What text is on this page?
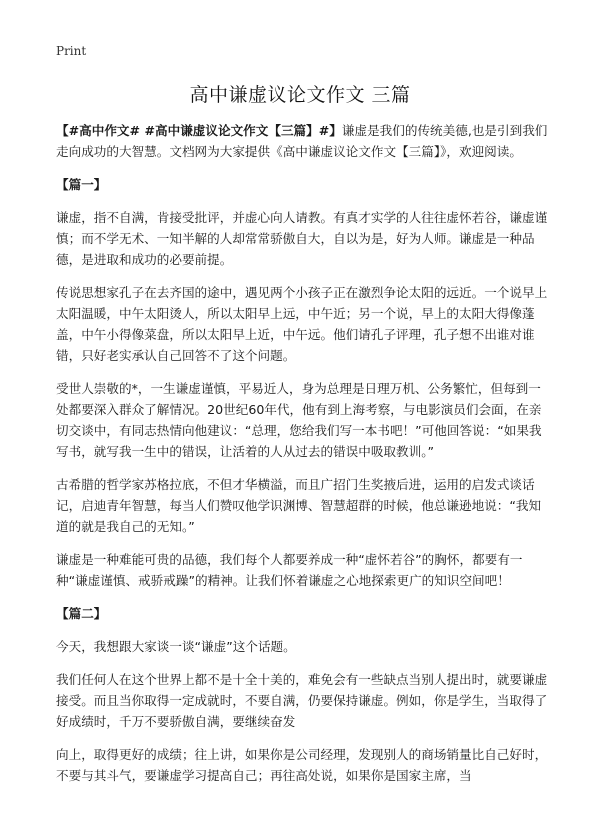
Print
高中谦虚议论文作文 三篇

【#高中作文# #高中谦虚议论文作文【三篇】#】谦虚是我们的传统美德,也是引到我们走向成功的大智慧。文档网为大家提供《高中谦虚议论文作文【三篇】》，欢迎阅读。

【篇一】

谦虚，指不自满，肯接受批评，并虚心向人请教。有真才实学的人往往虚怀若谷，谦虚谨慎；而不学无术、一知半解的人却常常骄傲自大，自以为是，好为人师。谦虚是一种品德，是进取和成功的必要前提。

传说思想家孔子在去齐国的途中，遇见两个小孩子正在激烈争论太阳的远近。一个说早上太阳温暖，中午太阳烫人，所以太阳早上远，中午近；另一个说，早上的太阳大得像蓬盖，中午小得像菜盘，所以太阳早上近，中午远。他们请孔子评理，孔子想不出谁对谁错，只好老实承认自己回答不了这个问题。

受世人崇敬的*，一生谦虚谨慎，平易近人，身为总理是日理万机、公务繁忙，但每到一处都要深入群众了解情况。20世纪60年代，他有到上海考察，与电影演员们会面，在亲切交谈中，有同志热情向他建议：“总理，您给我们写一本书吧！”可他回答说：“如果我写书，就写我一生中的错误，让活着的人从过去的错误中吸取教训。”

古希腊的哲学家苏格拉底，不但才华横溢，而且广招门生奖掖后进，运用的启发式谈话记，启迪青年智慧，每当人们赞叹他学识渊博、智慧超群的时候，他总谦逊地说：“我知道的就是我自己的无知。”

谦虚是一种难能可贵的品德，我们每个人都要养成一种“虚怀若谷”的胸怀，都要有一种“谦虚谨慎、戒骄戒躁”的精神。让我们怀着谦虚之心地探索更广的知识空间吧！

【篇二】

今天，我想跟大家谈一谈“谦虚”这个话题。

我们任何人在这个世界上都不是十全十美的，难免会有一些缺点当别人提出时，就要谦虚接受。而且当你取得一定成就时，不要自满，仍要保持谦虚。例如，你是学生，当取得了好成绩时，千万不要骄傲自满，要继续奋发

向上，取得更好的成绩；往上讲，如果你是公司经理，发现别人的商场销量比自己好时，不要与其斗气，要谦虚学习提高自己；再往高处说，如果你是国家主席，当
